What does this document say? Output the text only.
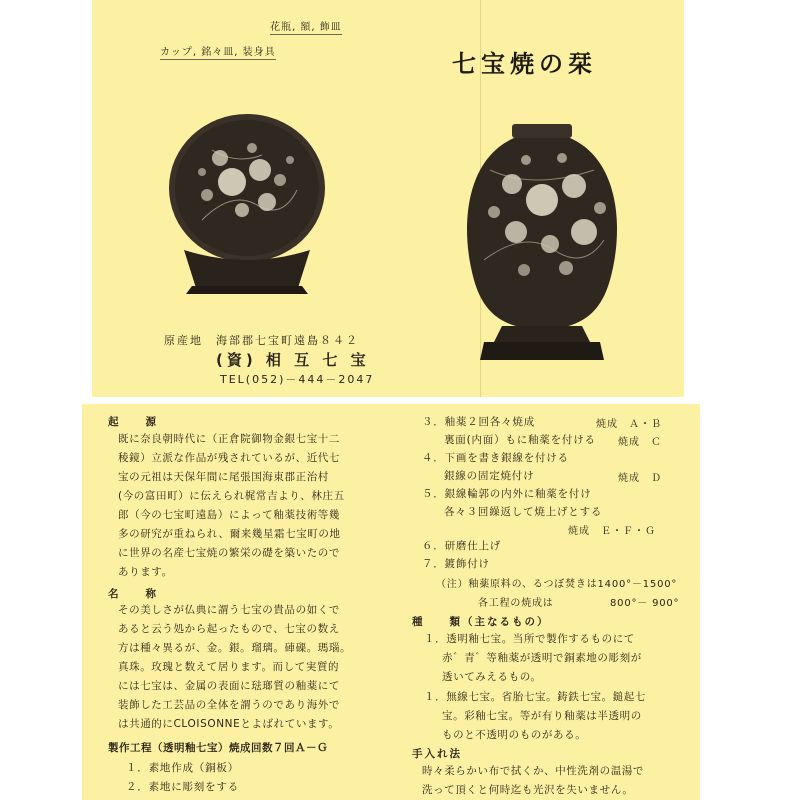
花瓶, 額, 飾皿
カップ, 銘々皿, 装身具	七宝焼の栞
原産地　海部郡七宝町遠島８４２
(資) 相 互 七 宝
TEL(052)－444－2047
起　　源
既に奈良朝時代に（正倉院御物金銀七宝十二
稜鏡）立派な作品が残されているが、近代七
宝の元祖は天保年間に尾張国海東郡正治村
(今の富田町）に伝えられ梶常吉より、林庄五
郎（今の七宝町遠島）によって釉薬技術等幾
多の研究が重ねられ、爾来幾星霜七宝町の地
に世界の名産七宝焼の繁栄の礎を築いたので
あります。
名　　称
その美しさが仏典に謂う七宝の貴品の如くで
あると云う処から起ったもので、七宝の数え
方は種々異るが、金。銀。瑠璃。硨磲。瑪瑙。
真珠。玫瑰と数えて居ります。而して実質的
には七宝は、金属の表面に琺瑯質の釉薬にて
装飾した工芸品の全体を謂うのであり海外で
は共通的にCLOISONNEとよばれています。
製作工程（透明釉七宝）焼成回数７回Ａ－Ｇ
１．素地作成（銅板）
２．素地に彫刻をする
３．釉薬２回各々焼成	焼成　Ａ・Ｂ
裏面(内面）もに釉薬を付ける 焼成　Ｃ
４．下画を書き銀線を付ける
銀線の固定焼付け	焼成　Ｄ
５．銀線輪郭の内外に釉薬を付け
各々３回繰返して焼上げとする
焼成　Ｅ・Ｆ・Ｇ
６．研磨仕上げ
７．鍍飾付け
（注）釉薬原料の、るつぼ焚きは1400°－1500°
各工程の焼成は	800°－ 900°
種　　類（主なるもの）
１．透明釉七宝。当所で製作するものにて
赤゛青゛等釉薬が透明で銅素地の彫刻が
透いてみえるもの。
１．無線七宝。省胎七宝。鋳鉄七宝。鎚起七
宝。彩釉七宝。等が有り釉薬は半透明の
ものと不透明のものがある。
手入れ法
時々柔らかい布で拭くか、中性洗剤の温湯で
洗って頂くと何時迄も光沢を失いません。
